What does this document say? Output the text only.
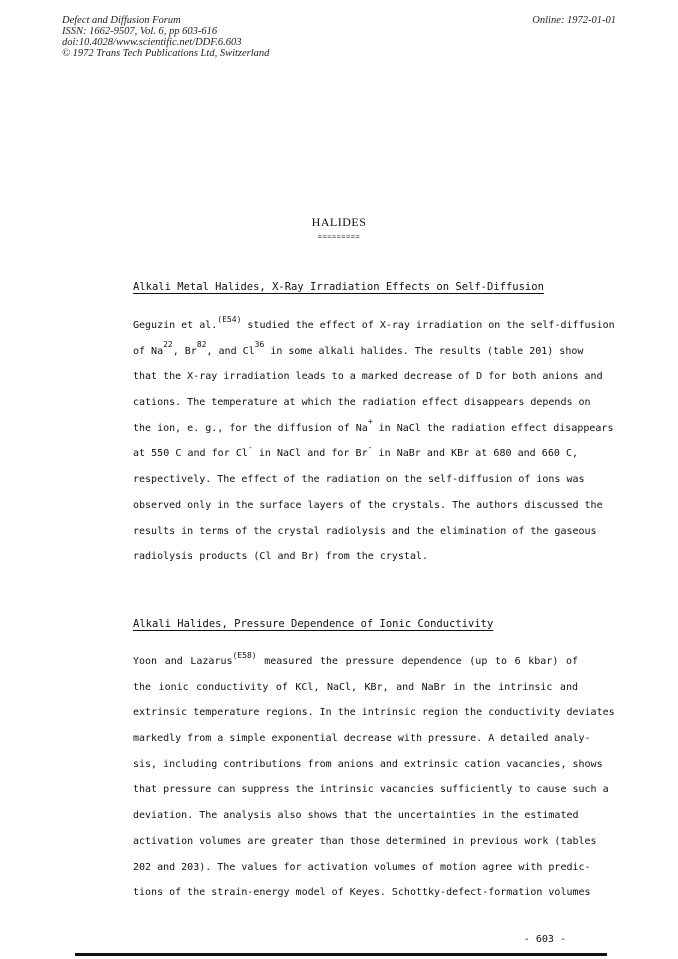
Defect and Diffusion Forum
ISSN: 1662-9507, Vol. 6, pp 603-616
doi:10.4028/www.scientific.net/DDF.6.603
© 1972 Trans Tech Publications Ltd, Switzerland
Online: 1972-01-01
HALIDES
=========
Alkali Metal Halides, X-Ray Irradiation Effects on Self-Diffusion
Geguzin et al.$^{(E54)}$ studied the effect of X-ray irradiation on the self-diffusion
of Na$^{22}$, Br$^{82}$, and Cl$^{36}$ in some alkali halides. The results (table 201) show
that the X-ray irradiation leads to a marked decrease of D for both anions and
cations. The temperature at which the radiation effect disappears depends on
the ion, e. g., for the diffusion of Na+ in NaCl the radiation effect disappears
at 550 C and for Cl- in NaCl and for Br- in NaBr and KBr at 680 and 660 C,
respectively. The effect of the radiation on the self-diffusion of ions was
observed only in the surface layers of the crystals. The authors discussed the
results in terms of the crystal radiolysis and the elimination of the gaseous
radiolysis products (Cl and Br) from the crystal.
Alkali Halides, Pressure Dependence of Ionic Conductivity
Yoon and Lazarus$^{(E58)}$ measured the pressure dependence (up to 6 kbar) of
the ionic conductivity of KCl, NaCl, KBr, and NaBr in the intrinsic and
extrinsic temperature regions. In the intrinsic region the conductivity deviates
markedly from a simple exponential decrease with pressure. A detailed analy-
sis, including contributions from anions and extrinsic cation vacancies, shows
that pressure can suppress the intrinsic vacancies sufficiently to cause such a
deviation. The analysis also shows that the uncertainties in the estimated
activation volumes are greater than those determined in previous work (tables
202 and 203). The values for activation volumes of motion agree with predic-
tions of the strain-energy model of Keyes. Schottky-defect-formation volumes
- 603 -
